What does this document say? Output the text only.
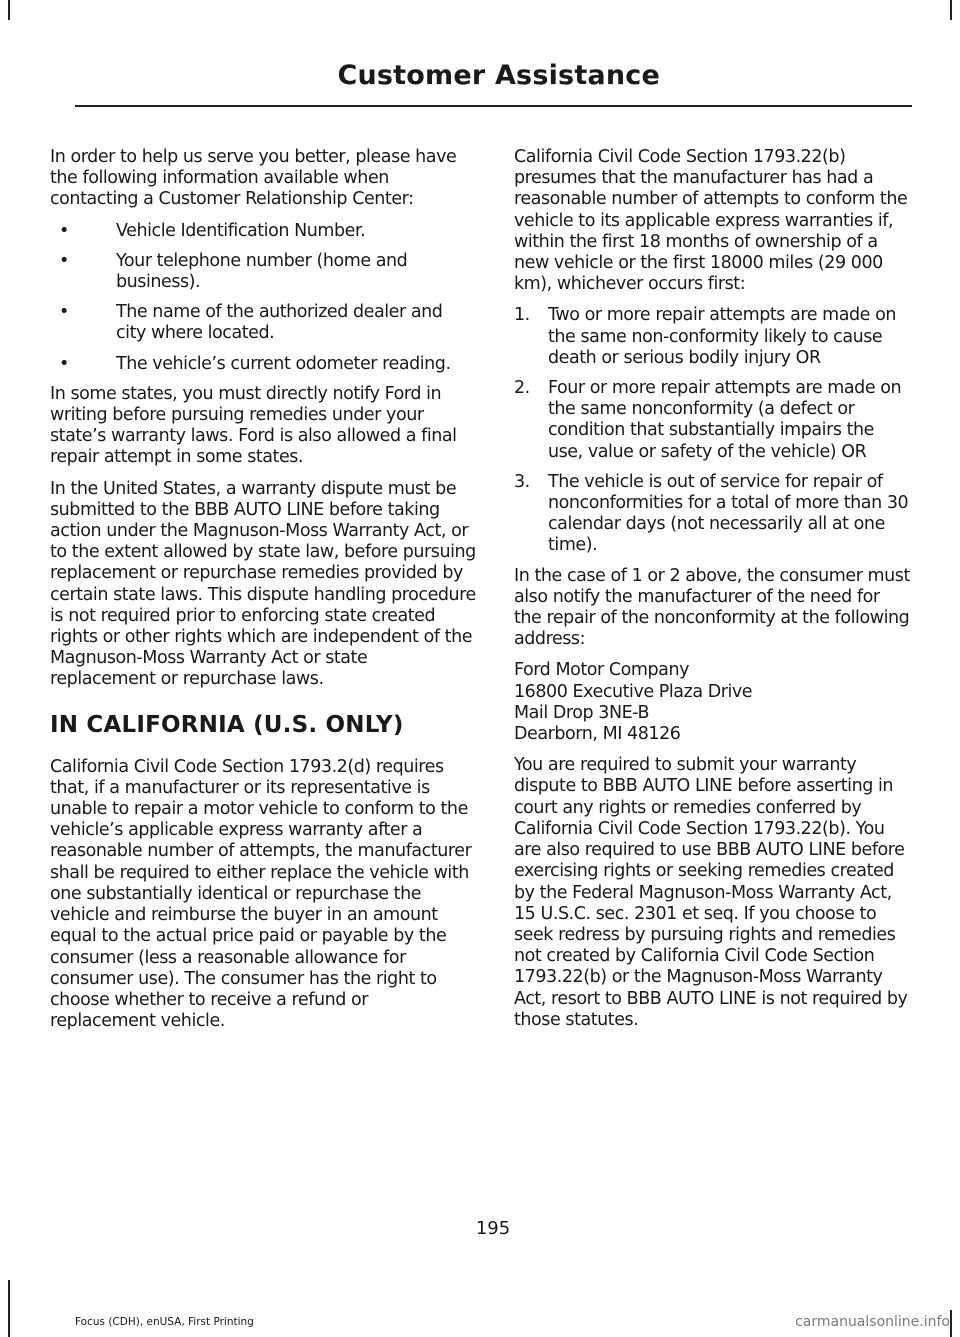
Customer Assistance

In order to help us serve you better, please have the following information available when contacting a Customer Relationship Center:

•	Vehicle Identification Number.
•	Your telephone number (home and business).
•	The name of the authorized dealer and city where located.
•	The vehicle’s current odometer reading.

In some states, you must directly notify Ford in writing before pursuing remedies under your state’s warranty laws. Ford is also allowed a final repair attempt in some states.

In the United States, a warranty dispute must be submitted to the BBB AUTO LINE before taking action under the Magnuson-Moss Warranty Act, or to the extent allowed by state law, before pursuing replacement or repurchase remedies provided by certain state laws. This dispute handling procedure is not required prior to enforcing state created rights or other rights which are independent of the Magnuson-Moss Warranty Act or state replacement or repurchase laws.

IN CALIFORNIA (U.S. ONLY)

California Civil Code Section 1793.2(d) requires that, if a manufacturer or its representative is unable to repair a motor vehicle to conform to the vehicle’s applicable express warranty after a reasonable number of attempts, the manufacturer shall be required to either replace the vehicle with one substantially identical or repurchase the vehicle and reimburse the buyer in an amount equal to the actual price paid or payable by the consumer (less a reasonable allowance for consumer use). The consumer has the right to choose whether to receive a refund or replacement vehicle.

California Civil Code Section 1793.22(b) presumes that the manufacturer has had a reasonable number of attempts to conform the vehicle to its applicable express warranties if, within the first 18 months of ownership of a new vehicle or the first 18000 miles (29 000 km), whichever occurs first:

1. Two or more repair attempts are made on the same non-conformity likely to cause death or serious bodily injury OR
2. Four or more repair attempts are made on the same nonconformity (a defect or condition that substantially impairs the use, value or safety of the vehicle) OR
3. The vehicle is out of service for repair of nonconformities for a total of more than 30 calendar days (not necessarily all at one time).

In the case of 1 or 2 above, the consumer must also notify the manufacturer of the need for the repair of the nonconformity at the following address:

Ford Motor Company
16800 Executive Plaza Drive
Mail Drop 3NE-B
Dearborn, MI 48126

You are required to submit your warranty dispute to BBB AUTO LINE before asserting in court any rights or remedies conferred by California Civil Code Section 1793.22(b). You are also required to use BBB AUTO LINE before exercising rights or seeking remedies created by the Federal Magnuson-Moss Warranty Act, 15 U.S.C. sec. 2301 et seq. If you choose to seek redress by pursuing rights and remedies not created by California Civil Code Section 1793.22(b) or the Magnuson-Moss Warranty Act, resort to BBB AUTO LINE is not required by those statutes.

195
Focus (CDH), enUSA, First Printing	carmanualsonline.info
